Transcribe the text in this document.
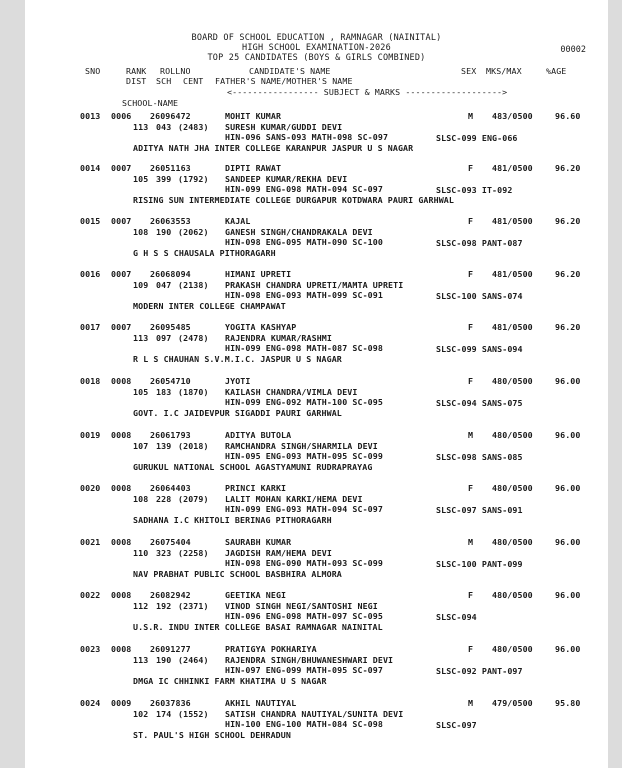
BOARD OF SCHOOL EDUCATION , RAMNAGAR (NAINITAL)
HIGH SCHOOL EXAMINATION-2026
TOP 25 CANDIDATES (BOYS & GIRLS COMBINED)
00002
SNO	RANK ROLLNO	CANDIDATE'S NAME	SEX MKS/MAX	%AGE
DIST SCH CENT FATHER'S NAME/MOTHER'S NAME
<----------------- SUBJECT & MARKS ------------------->
SCHOOL-NAME
0013 0006 26096472	MOHIT KUMAR	M 483/0500	96.60
113 043 (2483) SURESH KUMAR/GUDDI DEVI
HIN-096 SANS-093 MATH-098 SC-097	SLSC-099 ENG-066
ADITYA NATH JHA INTER COLLEGE KARANPUR JASPUR U S NAGAR
0014 0007 26051163	DIPTI RAWAT	F 481/0500	96.20
105 399 (1792) SANDEEP KUMAR/REKHA DEVI
HIN-099 ENG-098 MATH-094 SC-097	SLSC-093 IT-092
RISING SUN INTERMEDIATE COLLEGE DURGAPUR KOTDWARA PAURI GARHWAL
0015 0007 26063553	KAJAL	F 481/0500	96.20
108 190 (2062) GANESH SINGH/CHANDRAKALA DEVI
HIN-098 ENG-095 MATH-090 SC-100	SLSC-098 PANT-087
G H S S CHAUSALA PITHORAGARH
0016 0007 26068094	HIMANI UPRETI	F 481/0500	96.20
109 047 (2138) PRAKASH CHANDRA UPRETI/MAMTA UPRETI
HIN-098 ENG-093 MATH-099 SC-091	SLSC-100 SANS-074
MODERN INTER COLLEGE CHAMPAWAT
0017 0007 26095485	YOGITA KASHYAP	F 481/0500	96.20
113 097 (2478) RAJENDRA KUMAR/RASHMI
HIN-099 ENG-098 MATH-087 SC-098	SLSC-099 SANS-094
R L S CHAUHAN S.V.M.I.C. JASPUR U S NAGAR
0018 0008 26054710	JYOTI	F 480/0500	96.00
105 183 (1870) KAILASH CHANDRA/VIMLA DEVI
HIN-099 ENG-092 MATH-100 SC-095	SLSC-094 SANS-075
GOVT. I.C JAIDEVPUR SIGADDI PAURI GARHWAL
0019 0008 26061793	ADITYA BUTOLA	M 480/0500	96.00
107 139 (2018) RAMCHANDRA SINGH/SHARMILA DEVI
HIN-095 ENG-093 MATH-095 SC-099	SLSC-098 SANS-085
GURUKUL NATIONAL SCHOOL AGASTYAMUNI RUDRAPRAYAG
0020 0008 26064403	PRINCI KARKI	F 480/0500	96.00
108 228 (2079) LALIT MOHAN KARKI/HEMA DEVI
HIN-099 ENG-093 MATH-094 SC-097	SLSC-097 SANS-091
SADHANA I.C KHITOLI BERINAG PITHORAGARH
0021 0008 26075404	SAURABH KUMAR	M 480/0500	96.00
110 323 (2258) JAGDISH RAM/HEMA DEVI
HIN-098 ENG-090 MATH-093 SC-099	SLSC-100 PANT-099
NAV PRABHAT PUBLIC SCHOOL BASBHIRA ALMORA
0022 0008 26082942	GEETIKA NEGI	F 480/0500	96.00
112 192 (2371) VINOD SINGH NEGI/SANTOSHI NEGI
HIN-096 ENG-098 MATH-097 SC-095	SLSC-094
U.S.R. INDU INTER COLLEGE BASAI RAMNAGAR NAINITAL
0023 0008 26091277	PRATIGYA POKHARIYA	F 480/0500	96.00
113 190 (2464) RAJENDRA SINGH/BHUWANESHWARI DEVI
HIN-097 ENG-099 MATH-095 SC-097	SLSC-092 PANT-097
DMGA IC CHHINKI FARM KHATIMA U S NAGAR
0024 0009 26037836	AKHIL NAUTIYAL	M 479/0500	95.80
102 174 (1552) SATISH CHANDRA NAUTIYAL/SUNITA DEVI
HIN-100 ENG-100 MATH-084 SC-098	SLSC-097
ST. PAUL'S HIGH SCHOOL DEHRADUN
